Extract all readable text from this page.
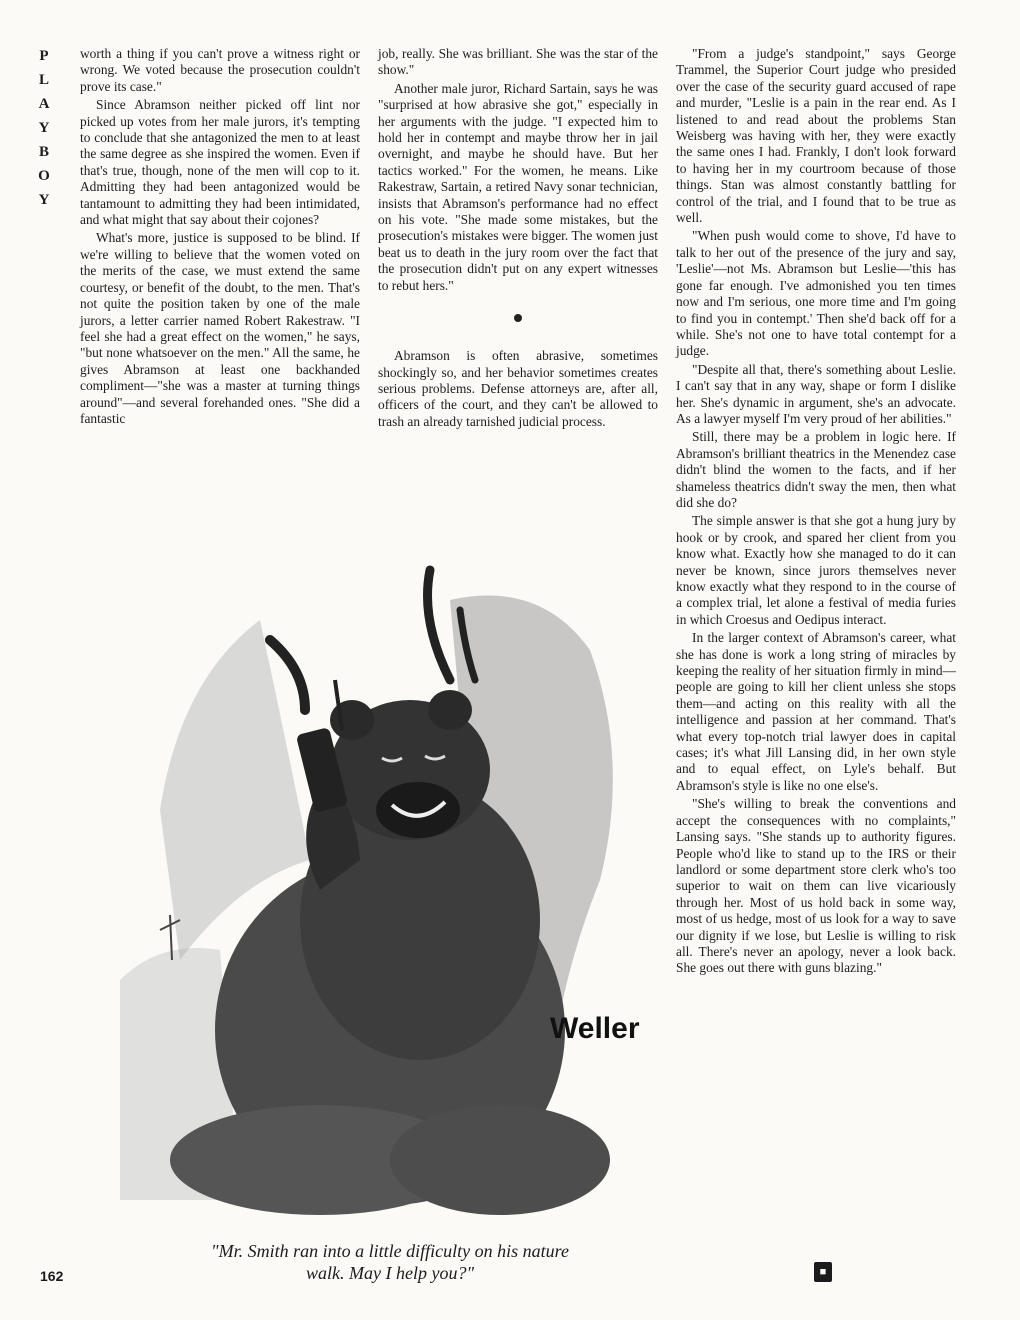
P
L
A
Y
B
O
Y

worth a thing if you can't prove a witness right or wrong. We voted because the prosecution couldn't prove its case."

Since Abramson neither picked off lint nor picked up votes from her male jurors, it's tempting to conclude that she antagonized the men to at least the same degree as she inspired the women. Even if that's true, though, none of the men will cop to it. Admitting they had been antagonized would be tantamount to admitting they had been intimidated, and what might that say about their cojones?

What's more, justice is supposed to be blind. If we're willing to believe that the women voted on the merits of the case, we must extend the same courtesy, or benefit of the doubt, to the men. That's not quite the position taken by one of the male jurors, a letter carrier named Robert Rakestraw. "I feel she had a great effect on the women," he says, "but none whatsoever on the men." All the same, he gives Abramson at least one backhanded compliment—"she was a master at turning things around"—and several forehanded ones. "She did a fantastic

job, really. She was brilliant. She was the star of the show."

Another male juror, Richard Sartain, says he was "surprised at how abrasive she got," especially in her arguments with the judge. "I expected him to hold her in contempt and maybe throw her in jail overnight, and maybe he should have. But her tactics worked." For the women, he means. Like Rakestraw, Sartain, a retired Navy sonar technician, insists that Abramson's performance had no effect on his vote. "She made some mistakes, but the prosecution's mistakes were bigger. The women just beat us to death in the jury room over the fact that the prosecution didn't put on any expert witnesses to rebut hers."

Abramson is often abrasive, sometimes shockingly so, and her behavior sometimes creates serious problems. Defense attorneys are, after all, officers of the court, and they can't be allowed to trash an already tarnished judicial process.

"From a judge's standpoint," says George Trammel, the Superior Court judge who presided over the case of the security guard accused of rape and murder, "Leslie is a pain in the rear end. As I listened to and read about the problems Stan Weisberg was having with her, they were exactly the same ones I had. Frankly, I don't look forward to having her in my courtroom because of those things. Stan was almost constantly battling for control of the trial, and I found that to be true as well.

"When push would come to shove, I'd have to talk to her out of the presence of the jury and say, 'Leslie'—not Ms. Abramson but Leslie—'this has gone far enough. I've admonished you ten times now and I'm serious, one more time and I'm going to find you in contempt.' Then she'd back off for a while. She's not one to have total contempt for a judge.

"Despite all that, there's something about Leslie. I can't say that in any way, shape or form I dislike her. She's dynamic in argument, she's an advocate. As a lawyer myself I'm very proud of her abilities."

Still, there may be a problem in logic here. If Abramson's brilliant theatrics in the Menendez case didn't blind the women to the facts, and if her shameless theatrics didn't sway the men, then what did she do?

The simple answer is that she got a hung jury by hook or by crook, and spared her client from you know what. Exactly how she managed to do it can never be known, since jurors themselves never know exactly what they respond to in the course of a complex trial, let alone a festival of media furies in which Croesus and Oedipus interact.

In the larger context of Abramson's career, what she has done is work a long string of miracles by keeping the reality of her situation firmly in mind—people are going to kill her client unless she stops them—and acting on this reality with all the intelligence and passion at her command. That's what every top-notch trial lawyer does in capital cases; it's what Jill Lansing did, in her own style and to equal effect, on Lyle's behalf. But Abramson's style is like no one else's.

"She's willing to break the conventions and accept the consequences with no complaints," Lansing says. "She stands up to authority figures. People who'd like to stand up to the IRS or their landlord or some department store clerk who's too superior to wait on them can live vicariously through her. Most of us hold back in some way, most of us hedge, most of us look for a way to save our dignity if we lose, but Leslie is willing to risk all. There's never an apology, never a look back. She goes out there with guns blazing."

Weller
"Mr. Smith ran into a little difficulty on his nature
walk. May I help you?"
162	■
